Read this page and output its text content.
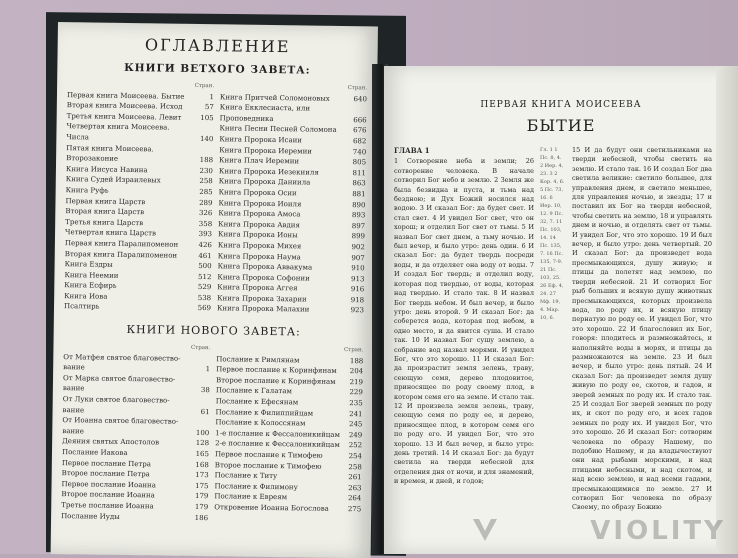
ОГЛАВЛЕНИЕ
КНИГИ ВЕТХОГО ЗАВЕТА:
Стран.
Первая книга Моисеева. Бытие	1
Вторая книга Моисеева. Исход	57
Третья книга Моисеева. Левит	105
Четвертая книга Моисеева.
Числа	140
Пятая книга Моисеева.
Второзаконие	188
Книга Иисуса Навина	230
Книга Судей Израилевых	258
Книга Руфь	285
Первая книга Царств	289
Вторая книга Царств	326
Третья книга Царств	358
Четвертая книга Царств	393
Первая книга Паралипоменон	426
Вторая книга Паралипоменон	461
Книга Ездры	500
Книга Неемии	512
Книга Есфирь	529
Книга Иова	538
Псалтирь	569
Стран.
Книга Притчей Соломоновых	640
Книга Екклесиаста, или
Проповедника	666
Книга Песни Песней Соломона 676
Книга Пророка Исаии	682
Книга Пророка Иеремии	740
Книга Плач Иеремии	805
Книга Пророка Иезекииля	811
Книга Пророка Даниила	863
Книга Пророка Осии	881
Книга Пророка Иоиля	890
Книга Пророка Амоса	893
Книга Пророка Авдия	897
Книга Пророка Ионы	899
Книга Пророка Михея	902
Книга Пророка Наума	907
Книга Пророка Аввакума	910
Книга Пророка Софонии	913
Книга Пророка Аггея	916
Книга Пророка Захарии	918
Книга Пророка Малахии	923
КНИГИ НОВОГО ЗАВЕТА:
Стран.
От Матфея святое благовество-
вание	1
От Марка святое благовество-
вание	38
От Луки святое благовество-
вание	61
От Иоанна святое благовество-
вание	100
Деяния святых Апостолов	128
Послание Иакова	165
Первое послание Петра	168
Второе послание Петра	173
Первое послание Иоанна	175
Второе послание Иоанна	179
Третье послание Иоанна	179
Послание Иуды	186
Стран.
Послание к Римлянам	188
Первое послание к Коринфянам 204
Второе послание к Коринфянам 219
Послание к Галатам	229
Послание к Ефесянам	235
Послание к Филиппийцам	241
Послание к Колоссянам	245
1-е послание к Фессалоникийцам 249
2-е послание к Фессалоникийцам 252
Первое послание к Тимофею	254
Второе послание к Тимофею	258
Послание к Титу	261
Послание к Филимону	263
Послание к Евреям	264
Откровение Иоанна Богослова	275
ПЕРВАЯ КНИГА МОИСЕЕВА
БЫТИЕ
ГЛАВА 1
1 Сотворение неба и земли; 26 сотворение человека. В начале сотворил Бог небо и землю. 2 Земля же была безвидна и пуста, и тьма над бездною; и Дух Божий носился над водою. 3 И сказал Бог: да будет свет. И стал свет. 4 И увидел Бог свет, что он хорош; и отделил Бог свет от тьмы. 5 И назвал Бог свет днем, а тьму ночью. И был вечер, и было утро: день один. 6 И сказал Бог: да будет твердь посреди воды, и да отделяет она воду от воды. 7 И создал Бог твердь; и отделил воду, которая под твердью, от воды, которая над твердью. И стало так. 8 И назвал Бог твердь небом. И был вечер, и было утро: день второй. 9 И сказал Бог: да соберется вода, которая под небом, в одно место, и да явится суша. И стало так. 10 И назвал Бог сушу землею, а собрание вод назвал морями. И увидел Бог, что это хорошо. 11 И сказал Бог: да произрастит земля зелень, траву, сеющую семя, дерево плодовитое, приносящее по роду своему плод, в котором семя его на земле. И стало так. 12 И произвела земля зелень, траву, сеющую семя по роду ее, и дерево, приносящее плод, в котором семя его по роду его. И увидел Бог, что это хорошо. 13 И был вечер, и было утро: день третий. 14 И сказал Бог: да будут светила на тверди небесной для отделения дня от ночи, и для знамений, и времен, и дней, и годов;
Гл. 1 1 Пс. 8, 4. 2 Иер. 4, 23. 3 2 Кор. 4, 6. 5 Пс. 73, 16. 6 Иер. 10, 12. 9 Пс. 32, 7. 11 Пс. 103, 14. 14 Пс. 135, 7. 16 Пс. 135, 7-9. 21 Пс. 103, 25. 26 Еф. 4, 24. 27 Мф. 19, 4. Мар. 10, 6.
15 И да будут они светильниками на тверди небесной, чтобы светить на землю. И стало так. 16 И создал Бог два светила великие: светило большее, для управления днем, и светило меньшее, для управления ночью, и звезды; 17 и поставил их Бог на тверди небесной, чтобы светить на землю, 18 и управлять днем и ночью, и отделять свет от тьмы. И увидел Бог, что это хорошо. 19 И был вечер, и было утро: день четвертый. 20 И сказал Бог: да произведет вода пресмыкающихся, душу живую; и птицы да полетят над землею, по тверди небесной. 21 И сотворил Бог рыб больших и всякую душу животных пресмыкающихся, которых произвела вода, по роду их, и всякую птицу пернатую по роду ее. И увидел Бог, что это хорошо. 22 И благословил их Бог, говоря: плодитесь и размножайтесь, и наполняйте воды в морях, и птицы да размножаются на земле. 23 И был вечер, и было утро: день пятый. 24 И сказал Бог: да произведет земля душу живую по роду ее, скотов, и гадов, и зверей земных по роду их. И стало так. 25 И создал Бог зверей земных по роду их, и скот по роду его, и всех гадов земных по роду их. И увидел Бог, что это хорошо. 26 И сказал Бог: сотворим человека по образу Нашему, по подобию Нашему, и да владычествуют они над рыбами морскими, и над птицами небесными, и над скотом, и над всею землею, и над всеми гадами, пресмыкающимися по земле. 27 И сотворил Бог человека по образу Своему, по образу Божию
VIOLITY
